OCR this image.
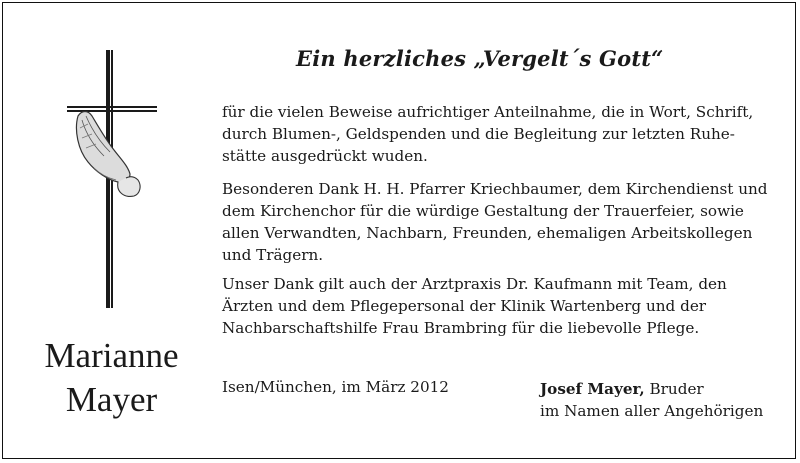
Ein herzliches „Vergelt´s Gott“
für die vielen Beweise aufrichtiger Anteilnahme, die in Wort, Schrift,
durch Blumen-, Geldspenden und die Begleitung zur letzten Ruhe-
stätte ausgedrückt wuden.
Besonderen Dank H. H. Pfarrer Kriechbaumer, dem Kirchendienst und
dem Kirchenchor für die würdige Gestaltung der Trauerfeier, sowie
allen Verwandten, Nachbarn, Freunden, ehemaligen Arbeitskollegen
und Trägern.
Unser Dank gilt auch der Arztpraxis Dr. Kaufmann mit Team, den
Ärzten und dem Pflegepersonal der Klinik Wartenberg und der
Nachbarschaftshilfe Frau Brambring für die liebevolle Pflege.
Marianne
Mayer	Isen/München, im März 2012	Josef Mayer, Bruder
im Namen aller Angehörigen
